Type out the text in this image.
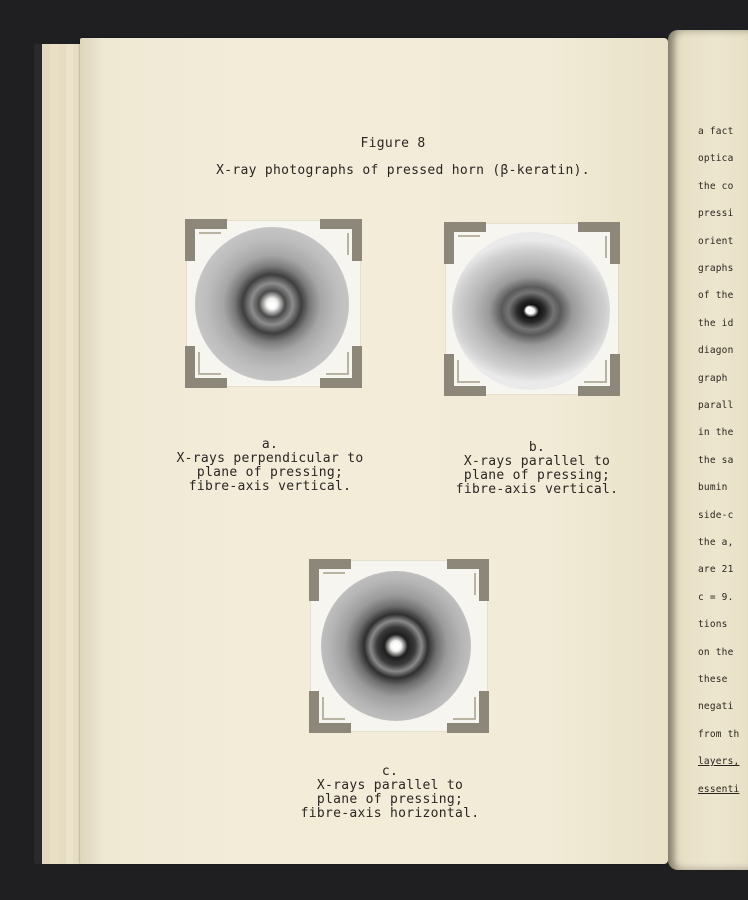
Figure 8
X-ray photographs of pressed horn (β-keratin).
a.
X-rays perpendicular to
plane of pressing;
fibre-axis vertical.
b.
X-rays parallel to
plane of pressing;
fibre-axis vertical.
c.
X-rays parallel to
plane of pressing;
fibre-axis horizontal.
a fact
optica
the co
pressi
orient
graphs
of the
the id
diagon
graph
parall
in the
the sa
bumin
side-c
the a,
are 21
c = 9.
tions
on the
these
negati
from th
layers,
essenti
